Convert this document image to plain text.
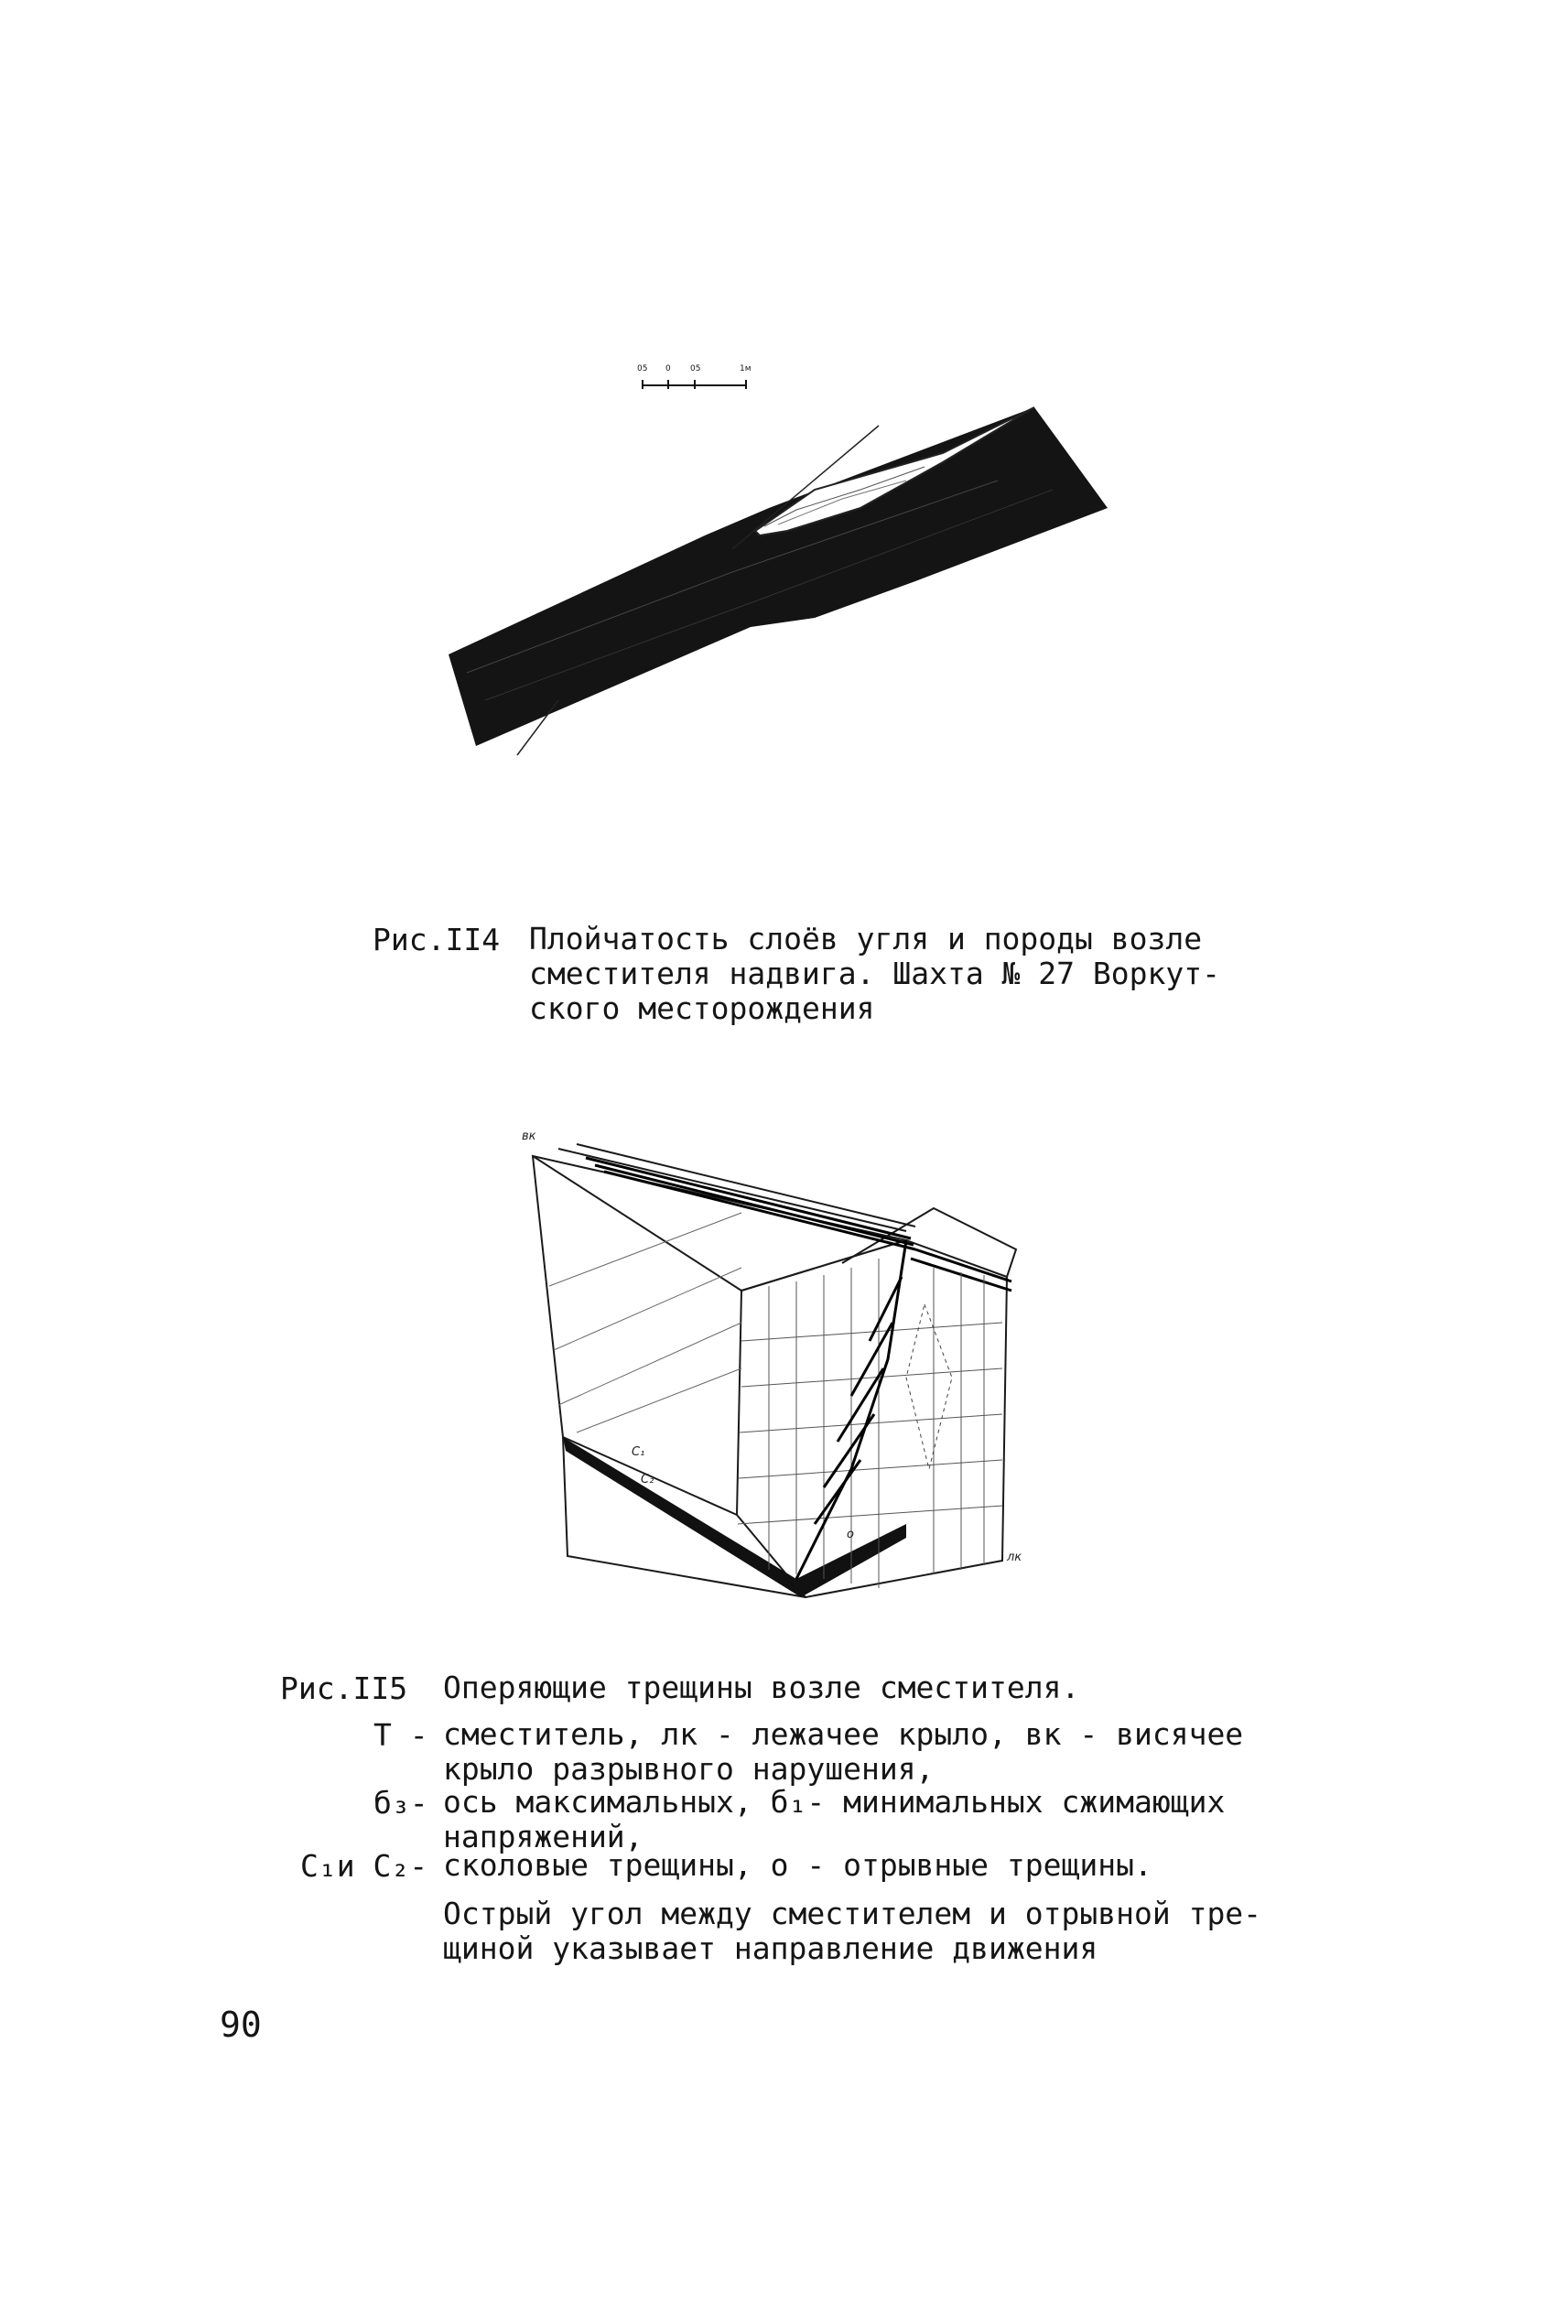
05 0 05	1м
Рис.II4 Плойчатость слоёв угля и породы возле
сместителя надвига. Шахта № 27 Воркут-
ского месторождения
вк
лк
С₁
С₂
о
Рис.II5 Оперяющие трещины возле сместителя.
Т - сместитель, лк - лежачее крыло, вк - висячее
крыло разрывного нарушения,
б₃- ось максимальных, б₁- минимальных сжимающих
напряжений,
С₁и С₂- сколовые трещины, о - отрывные трещины.
Острый угол между сместителем и отрывной тре-
щиной указывает направление движения
90
